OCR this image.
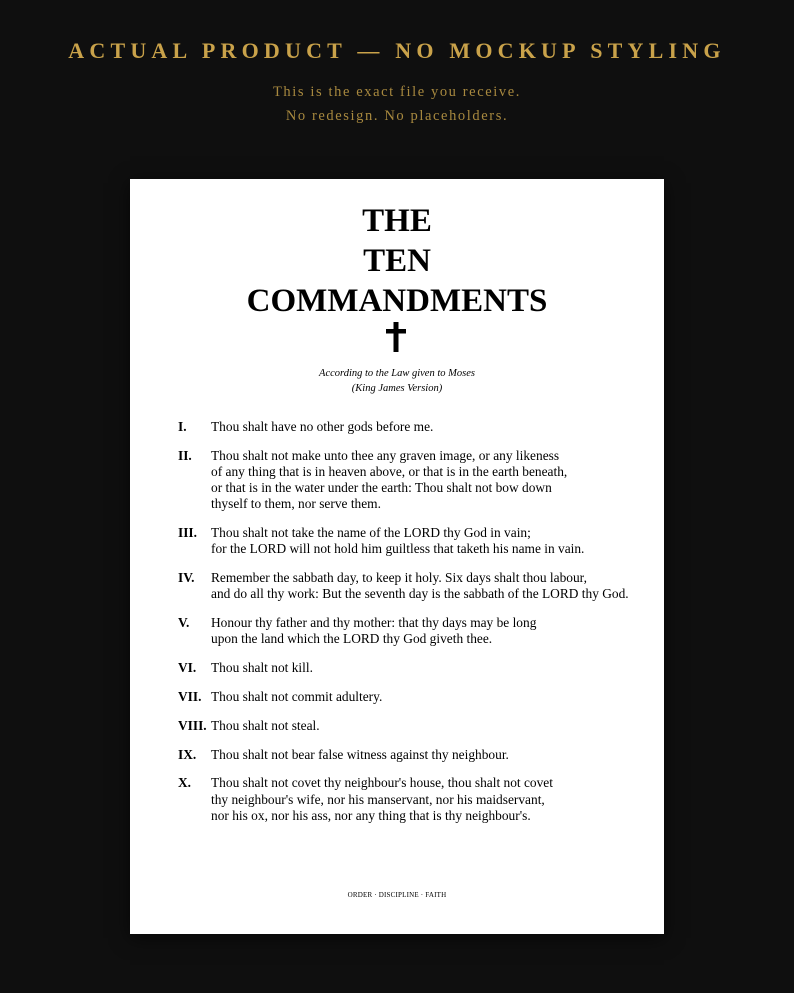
ACTUAL PRODUCT — NO MOCKUP STYLING
This is the exact file you receive.
No redesign. No placeholders.
THE
TEN
COMMANDMENTS
According to the Law given to Moses
(King James Version)
I.	Thou shalt have no other gods before me.
II.	Thou shalt not make unto thee any graven image, or any likeness
of any thing that is in heaven above, or that is in the earth beneath,
or that is in the water under the earth: Thou shalt not bow down
thyself to them, nor serve them.
III.	Thou shalt not take the name of the LORD thy God in vain;
for the LORD will not hold him guiltless that taketh his name in vain.
IV.	Remember the sabbath day, to keep it holy. Six days shalt thou labour,
and do all thy work: But the seventh day is the sabbath of the LORD thy God.
V.	Honour thy father and thy mother: that thy days may be long
upon the land which the LORD thy God giveth thee.
VI.	Thou shalt not kill.
VII. Thou shalt not commit adultery.
VIII. Thou shalt not steal.
IX.	Thou shalt not bear false witness against thy neighbour.
X.	Thou shalt not covet thy neighbour's house, thou shalt not covet
thy neighbour's wife, nor his manservant, nor his maidservant,
nor his ox, nor his ass, nor any thing that is thy neighbour's.
ORDER · DISCIPLINE · FAITH
